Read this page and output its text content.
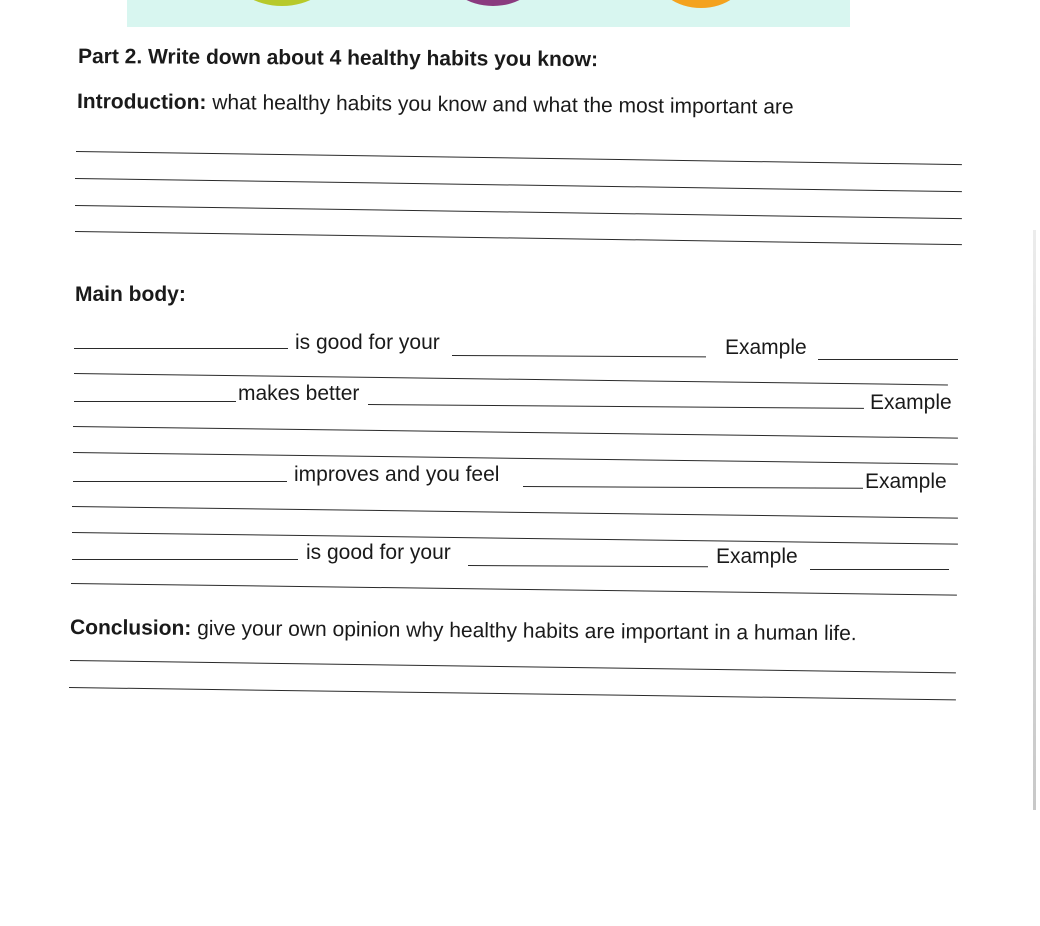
Part 2. Write down about 4 healthy habits you know:
Introduction: what healthy habits you know and what the most important are
Main body:
is good for your	Example
makes better	Example
improves and you feel	Example
is good for your	Example
Conclusion: give your own opinion why healthy habits are important in a human life.
